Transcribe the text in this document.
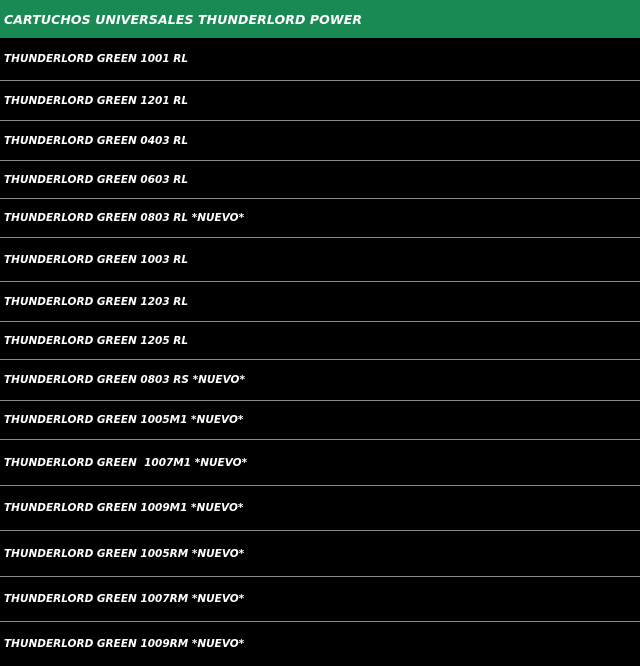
CARTUCHOS UNIVERSALES THUNDERLORD POWER
THUNDERLORD GREEN 1001 RL
THUNDERLORD GREEN 1201 RL
THUNDERLORD GREEN 0403 RL
THUNDERLORD GREEN 0603 RL
THUNDERLORD GREEN 0803 RL *NUEVO*
THUNDERLORD GREEN 1003 RL
THUNDERLORD GREEN 1203 RL
THUNDERLORD GREEN 1205 RL
THUNDERLORD GREEN 0803 RS *NUEVO*
THUNDERLORD GREEN 1005M1 *NUEVO*
THUNDERLORD GREEN  1007M1 *NUEVO*
THUNDERLORD GREEN 1009M1 *NUEVO*
THUNDERLORD GREEN 1005RM *NUEVO*
THUNDERLORD GREEN 1007RM *NUEVO*
THUNDERLORD GREEN 1009RM *NUEVO*
